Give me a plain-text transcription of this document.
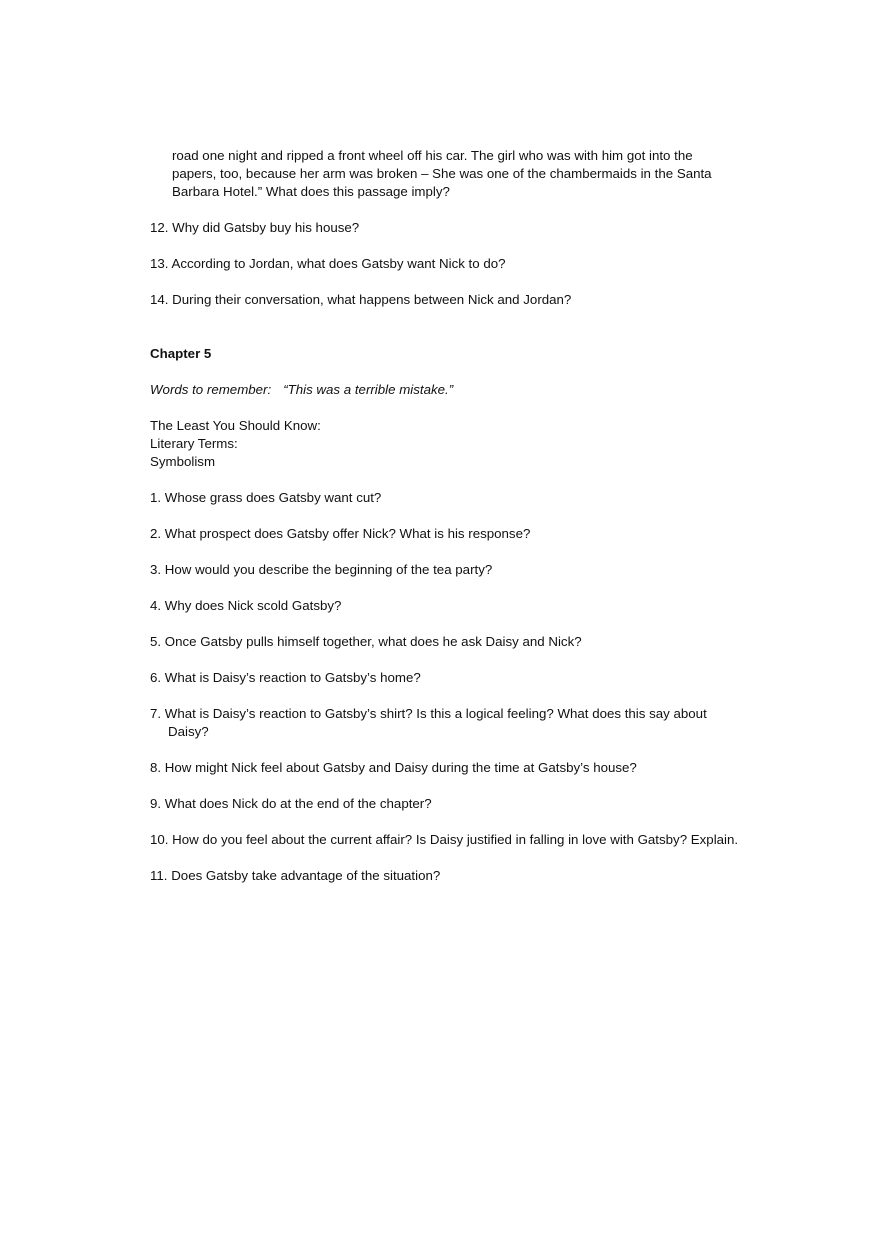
road one night and ripped a front wheel off his car. The girl who was with him got into the papers, too, because her arm was broken – She was one of the chambermaids in the Santa Barbara Hotel.” What does this passage imply?

12. Why did Gatsby buy his house?

13. According to Jordan, what does Gatsby want Nick to do?

14. During their conversation, what happens between Nick and Jordan?

Chapter 5

Words to remember: “This was a terrible mistake.”

The Least You Should Know:
Literary Terms:
Symbolism

1. Whose grass does Gatsby want cut?

2. What prospect does Gatsby offer Nick? What is his response?

3. How would you describe the beginning of the tea party?

4. Why does Nick scold Gatsby?

5. Once Gatsby pulls himself together, what does he ask Daisy and Nick?

6. What is Daisy’s reaction to Gatsby’s home?

7. What is Daisy’s reaction to Gatsby’s shirt? Is this a logical feeling? What does this say about Daisy?

8. How might Nick feel about Gatsby and Daisy during the time at Gatsby’s house?

9. What does Nick do at the end of the chapter?

10. How do you feel about the current affair? Is Daisy justified in falling in love with Gatsby? Explain.

11. Does Gatsby take advantage of the situation?
